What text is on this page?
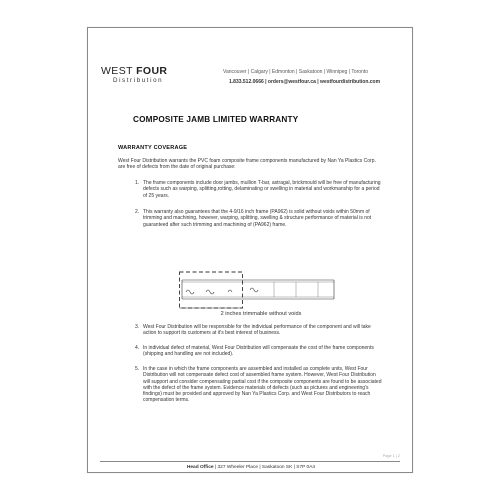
WEST FOUR
Distribution
Vancouver | Calgary | Edmonton | Saskatoon | Winnipeg | Toronto
1.833.512.0666 | orders@westfour.ca | westfourdistribution.com
COMPOSITE JAMB LIMITED WARRANTY
WARRANTY COVERAGE
West Four Distribution warrants the PVC foam composite frame components manufactured by Nan Ya Plastics Corp. are free of defects from the date of original purchase:
1. The frame components include door jambs, mullion T-bar, astragal, brickmould will be free of manufacturing defects such as warping, splitting,rotting, delaminating or swelling in material and workmanship for a period of 25 years.
2. This warranty also guarantees that the 4-9/16 inch frame (PA962) is solid without voids within 50mm of trimming and machining, however, warping, splitting, swelling & structure performance of material is not guaranteed after such trimming and machining of (PA962) frame.
2 inches trimmable without voids
3. West Four Distribution will be responsible for the individual performance of the component and will take action to support its customers at it's best interest of business.
4. In individual defect of material, West Four Distribution will compensate the cost of the frame components (shipping and handling are not included).
5. In the case in which the frame components are assembled and installed as complete units, West Four Distribution will not compensate defect cost of assembled frame system. However, West Four Distribution will support and consider compensating partial cost if the composite components are found to be associated with the defect of the frame system. Evidence materials of defects (such as pictures and engineering's findings) must be provided and approved by Nan Ya Plastics Corp. and West Four Distributors to reach compensation terms.
Page 1 | 2
Head Office | 327 Wheeler Place | Saskatoon SK | S7P 0A4
